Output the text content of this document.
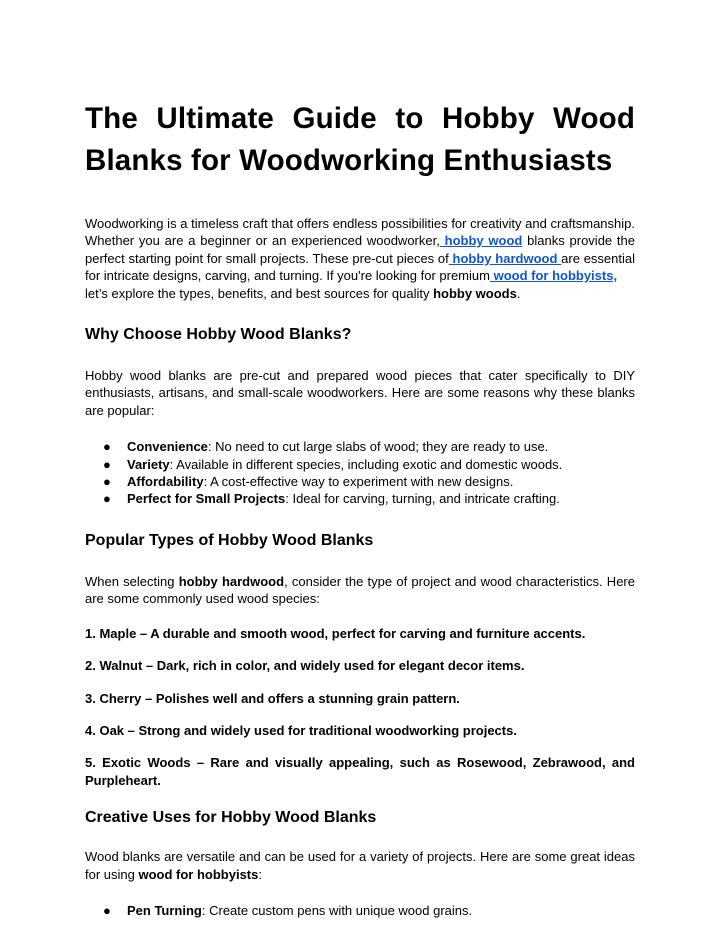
The Ultimate Guide to Hobby Wood Blanks for Woodworking Enthusiasts

Woodworking is a timeless craft that offers endless possibilities for creativity and craftsmanship. Whether you are a beginner or an experienced woodworker, hobby wood blanks provide the perfect starting point for small projects. These pre-cut pieces of hobby hardwood are essential for intricate designs, carving, and turning. If you're looking for premium wood for hobbyists,
let’s explore the types, benefits, and best sources for quality hobby woods.

Why Choose Hobby Wood Blanks?

Hobby wood blanks are pre-cut and prepared wood pieces that cater specifically to DIY enthusiasts, artisans, and small-scale woodworkers. Here are some reasons why these blanks are popular:

● Convenience: No need to cut large slabs of wood; they are ready to use.
● Variety: Available in different species, including exotic and domestic woods.
● Affordability: A cost-effective way to experiment with new designs.
● Perfect for Small Projects: Ideal for carving, turning, and intricate crafting.
Popular Types of Hobby Wood Blanks

When selecting hobby hardwood, consider the type of project and wood characteristics. Here are some commonly used wood species:

1. Maple – A durable and smooth wood, perfect for carving and furniture accents.

2. Walnut – Dark, rich in color, and widely used for elegant decor items.

3. Cherry – Polishes well and offers a stunning grain pattern.

4. Oak – Strong and widely used for traditional woodworking projects.

5. Exotic Woods – Rare and visually appealing, such as Rosewood, Zebrawood, and Purpleheart.

Creative Uses for Hobby Wood Blanks

Wood blanks are versatile and can be used for a variety of projects. Here are some great ideas for using wood for hobbyists:

● Pen Turning: Create custom pens with unique wood grains.
